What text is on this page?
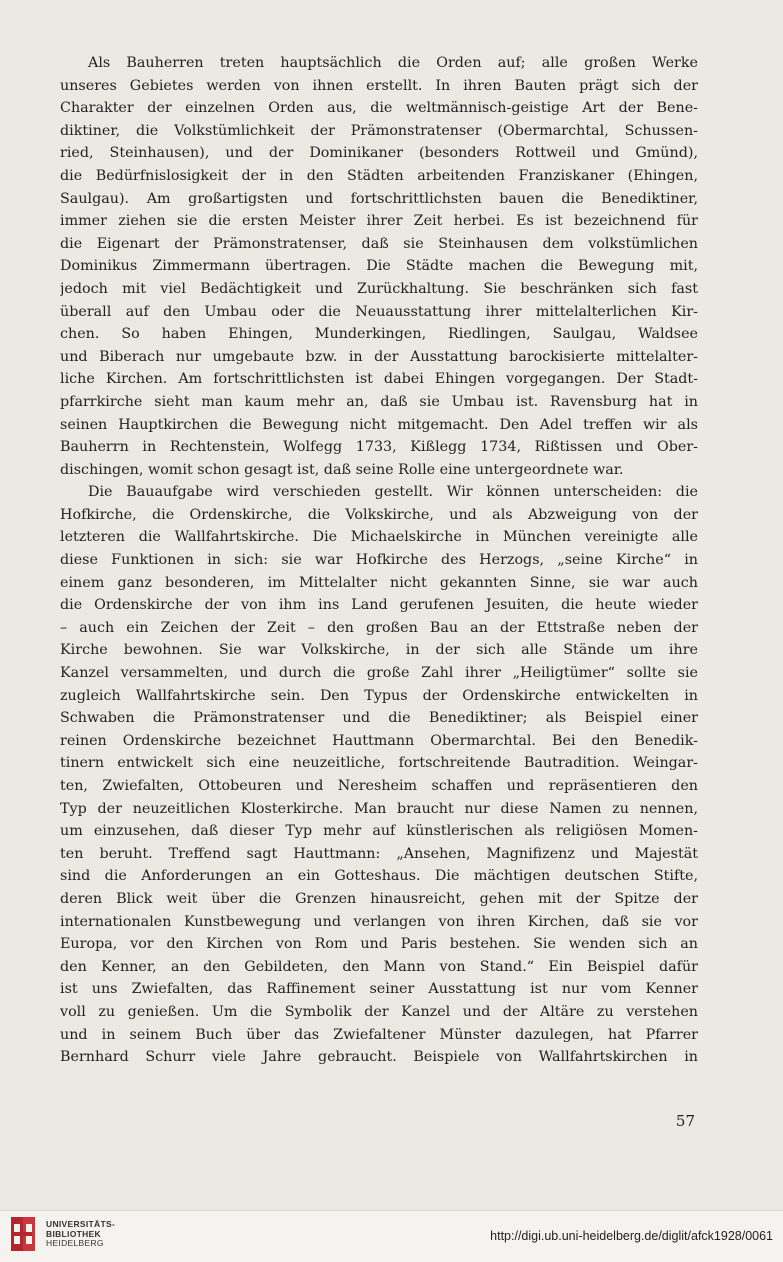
Als Bauherren treten hauptsächlich die Orden auf; alle großen Werke
unseres Gebietes werden von ihnen erstellt. In ihren Bauten prägt sich der
Charakter der einzelnen Orden aus, die weltmännisch-geistige Art der Bene-
diktiner, die Volkstümlichkeit der Prämonstratenser (Obermarchtal, Schussen-
ried, Steinhausen), und der Dominikaner (besonders Rottweil und Gmünd),
die Bedürfnislosigkeit der in den Städten arbeitenden Franziskaner (Ehingen,
Saulgau). Am großartigsten und fortschrittlichsten bauen die Benediktiner,
immer ziehen sie die ersten Meister ihrer Zeit herbei. Es ist bezeichnend für
die Eigenart der Prämonstratenser, daß sie Steinhausen dem volkstümlichen
Dominikus Zimmermann übertragen. Die Städte machen die Bewegung mit,
jedoch mit viel Bedächtigkeit und Zurückhaltung. Sie beschränken sich fast
überall auf den Umbau oder die Neuausstattung ihrer mittelalterlichen Kir-
chen. So haben Ehingen, Munderkingen, Riedlingen, Saulgau, Waldsee
und Biberach nur umgebaute bzw. in der Ausstattung barockisierte mittelalter-
liche Kirchen. Am fortschrittlichsten ist dabei Ehingen vorgegangen. Der Stadt-
pfarrkirche sieht man kaum mehr an, daß sie Umbau ist. Ravensburg hat in
seinen Hauptkirchen die Bewegung nicht mitgemacht. Den Adel treffen wir als
Bauherrn in Rechtenstein, Wolfegg 1733, Kißlegg 1734, Rißtissen und Ober-
dischingen, womit schon gesagt ist, daß seine Rolle eine untergeordnete war.
Die Bauaufgabe wird verschieden gestellt. Wir können unterscheiden: die
Hofkirche, die Ordenskirche, die Volkskirche, und als Abzweigung von der
letzteren die Wallfahrtskirche. Die Michaelskirche in München vereinigte alle
diese Funktionen in sich: sie war Hofkirche des Herzogs, „seine Kirche“ in
einem ganz besonderen, im Mittelalter nicht gekannten Sinne, sie war auch
die Ordenskirche der von ihm ins Land gerufenen Jesuiten, die heute wieder
– auch ein Zeichen der Zeit – den großen Bau an der Ettstraße neben der
Kirche bewohnen. Sie war Volkskirche, in der sich alle Stände um ihre
Kanzel versammelten, und durch die große Zahl ihrer „Heiligtümer“ sollte sie
zugleich Wallfahrtskirche sein. Den Typus der Ordenskirche entwickelten in
Schwaben die Prämonstratenser und die Benediktiner; als Beispiel einer
reinen Ordenskirche bezeichnet Hauttmann Obermarchtal. Bei den Benedik-
tinern entwickelt sich eine neuzeitliche, fortschreitende Bautradition. Weingar-
ten, Zwiefalten, Ottobeuren und Neresheim schaffen und repräsentieren den
Typ der neuzeitlichen Klosterkirche. Man braucht nur diese Namen zu nennen,
um einzusehen, daß dieser Typ mehr auf künstlerischen als religiösen Momen-
ten beruht. Treffend sagt Hauttmann: „Ansehen, Magnifizenz und Majestät
sind die Anforderungen an ein Gotteshaus. Die mächtigen deutschen Stifte,
deren Blick weit über die Grenzen hinausreicht, gehen mit der Spitze der
internationalen Kunstbewegung und verlangen von ihren Kirchen, daß sie vor
Europa, vor den Kirchen von Rom und Paris bestehen. Sie wenden sich an
den Kenner, an den Gebildeten, den Mann von Stand.“ Ein Beispiel dafür
ist uns Zwiefalten, das Raffinement seiner Ausstattung ist nur vom Kenner
voll zu genießen. Um die Symbolik der Kanzel und der Altäre zu verstehen
und in seinem Buch über das Zwiefaltener Münster dazulegen, hat Pfarrer
Bernhard Schurr viele Jahre gebraucht. Beispiele von Wallfahrtskirchen in
57
UNIVERSITÄTS-
BIBLIOTHEK
HEIDELBERG	http://digi.ub.uni-heidelberg.de/diglit/afck1928/0061
